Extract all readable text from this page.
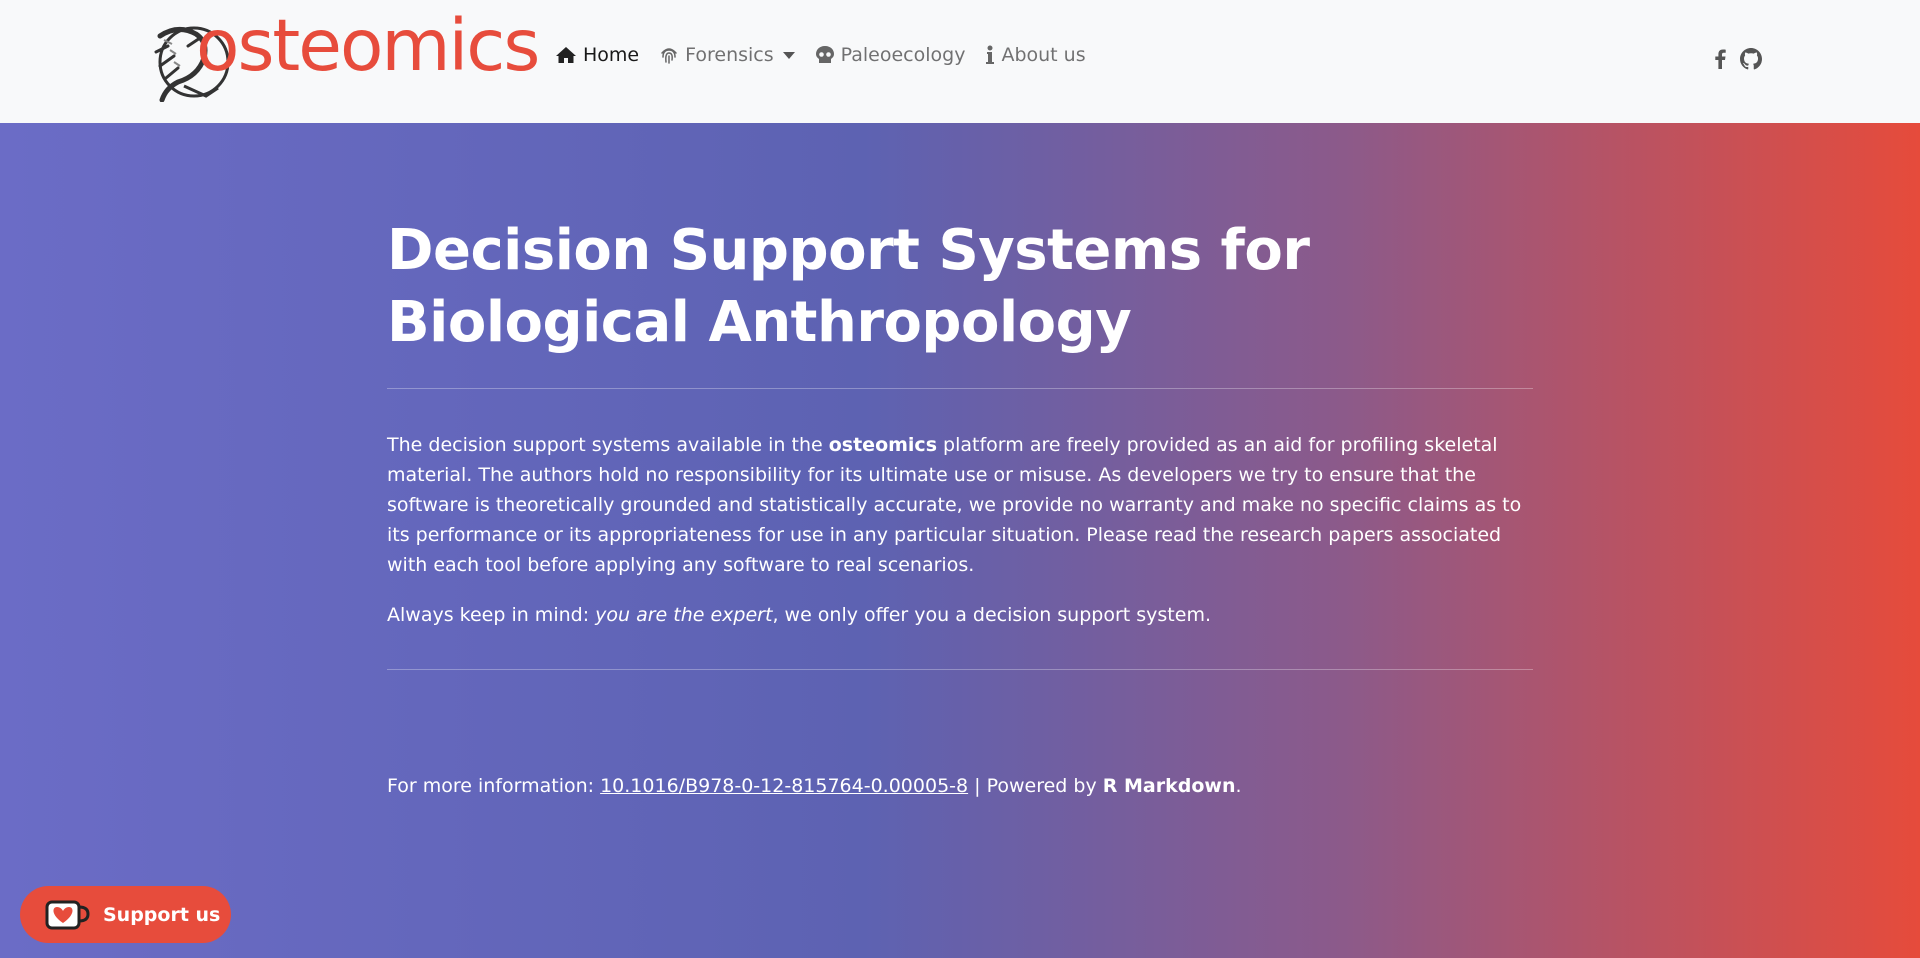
osteomics Home Forensics	Paleoecology About us
Decision Support Systems for Biological Anthropology

The decision support systems available in the osteomics platform are freely provided as an aid for profiling skeletal material. The authors hold no responsibility for its ultimate use or misuse. As developers we try to ensure that the software is theoretically grounded and statistically accurate, we provide no warranty and make no specific claims as to its performance or its appropriateness for use in any particular situation. Please read the research papers associated with each tool before applying any software to real scenarios.

Always keep in mind: you are the expert, we only offer you a decision support system.

For more information: 10.1016/B978-0-12-815764-0.00005-8 | Powered by R Markdown.

Support us
